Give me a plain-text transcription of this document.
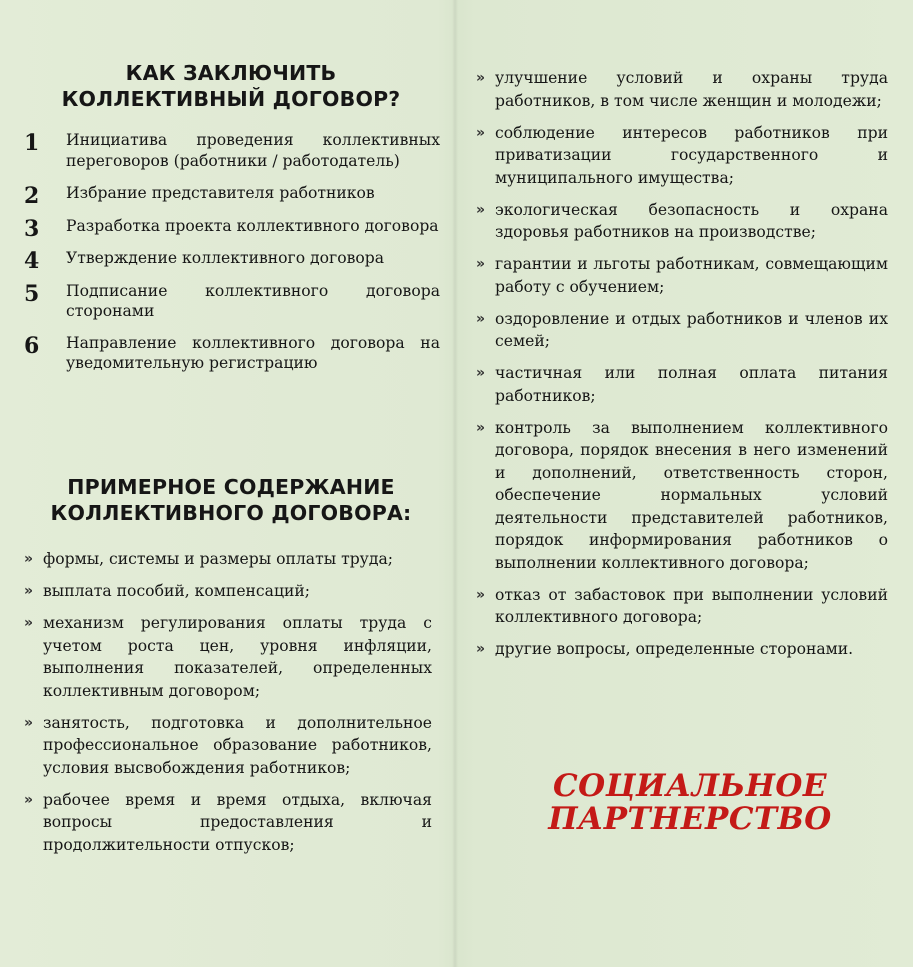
КАК ЗАКЛЮЧИТЬ
КОЛЛЕКТИВНЫЙ ДОГОВОР?
1 Инициатива проведения коллективных переговоров (работники / работодатель)
2 Избрание представителя работников
3 Разработка проекта коллективного договора
4 Утверждение коллективного договора
5 Подписание коллективного договора сторонами
6 Направление коллективного договора на уведомительную регистрацию
ПРИМЕРНОЕ СОДЕРЖАНИЕ
КОЛЛЕКТИВНОГО ДОГОВОРА:
» формы, системы и размеры оплаты труда;
» выплата пособий, компенсаций;
» механизм регулирования оплаты труда с учетом роста цен, уровня инфляции, выполнения показателей, определенных коллективным договором;
» занятость, подготовка и дополнительное профессиональное образование работников, условия высвобождения работников;
» рабочее время и время отдыха, включая вопросы предоставления и продолжительности отпусков;
» улучшение условий и охраны труда работников, в том числе женщин и молодежи;
» соблюдение интересов работников при приватизации государственного и муниципального имущества;
» экологическая безопасность и охрана здоровья работников на производстве;
» гарантии и льготы работникам, совмещающим работу с обучением;
» оздоровление и отдых работников и членов их семей;
» частичная или полная оплата питания работников;
» контроль за выполнением коллективного договора, порядок внесения в него изменений и дополнений, ответственность сторон, обеспечение нормальных условий деятельности представителей работников, порядок информирования работников о выполнении коллективного договора;
» отказ от забастовок при выполнении условий коллективного договора;
» другие вопросы, определенные сторонами.
СОЦИАЛЬНОЕ
ПАРТНЕРСТВО
